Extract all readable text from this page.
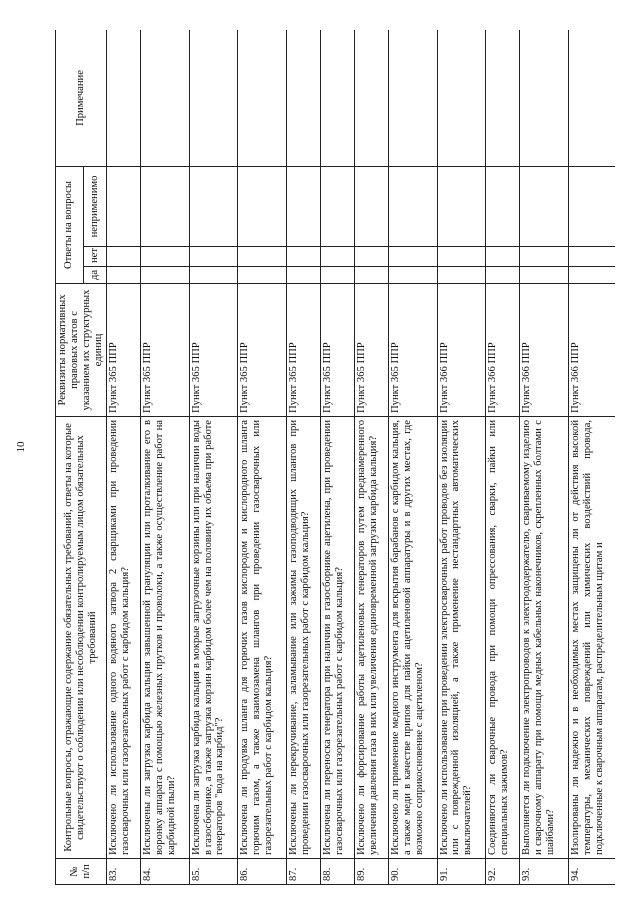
10
№ п/п	Контрольные вопросы, отражающие содержание обязательных требований, ответы на которые свидетельствуют о соблюдении или несоблюдении контролируемым лицом обязательных требований	Реквизиты нормативных правовых актов с указанием их структурных единиц	Ответы на вопросы			Примечание
			да	нет	неприменимо	
83.	Исключено ли использование одного водяного затвора 2 сварщиками при проведении газосварочных или газорезательных работ с карбидом кальция?	Пункт 365 ППР				
84.	Исключены ли загрузка карбида кальция завышенной грануляции или проталкивание его в воронку аппарата с помощью железных прутков и проволоки, а также осуществление работ на карбидной пыли?	Пункт 365 ППР				
85.	Исключена ли загрузка карбида кальция в мокрые загрузочные корзины или при наличии воды в газосборнике, а также загрузка корзин карбидом более чем на половину их объема при работе генераторов "вода на карбид"?	Пункт 365 ППР				
86.	Исключена ли продувка шланга для горючих газов кислородом и кислородного шланга горючим газом, а также взаимозамена шлангов при проведении газосварочных или газорезательных работ с карбидом кальция?	Пункт 365 ППР				
87.	Исключены ли перекручивание, заламывание или зажимы газоподводящих шлангов при проведении газосварочных или газорезательных работ с карбидом кальция?	Пункт 365 ППР				
88.	Исключена ли переноска генератора при наличии в газосборнике ацетилена, при проведении газосварочных или газорезательных работ с карбидом кальция?	Пункт 365 ППР				
89.	Исключено ли форсирование работы ацетиленовых генераторов путем преднамеренного увеличения давления газа в них или увеличения единовременной загрузки карбида кальция?	Пункт 365 ППР				
90.	Исключено ли применение медного инструмента для вскрытия барабанов с карбидом кальция, а также меди в качестве припоя для пайки ацетиленовой аппаратуры и в других местах, где возможно соприкосновение с ацетиленом?	Пункт 365 ППР				
91.	Исключено ли использование при проведении электросварочных работ проводов без изоляции или с поврежденной изоляцией, а также применение нестандартных автоматических выключателей?	Пункт 366 ППР				
92.	Соединяются ли сварочные провода при помощи опрессования, сварки, пайки или специальных зажимов?	Пункт 366 ППР				
93.	Выполняется ли подключение электропроводов к электрододержателю, свариваемому изделию и сварочному аппарату при помощи медных кабельных наконечников, скрепленных болтами с шайбами?	Пункт 366 ППР				
94.	Изолированы ли надежно и в необходимых местах защищены ли от действия высокой температуры, механических повреждений или химических воздействий провода, подключенные к сварочным аппаратам, распределительным щитам и	Пункт 366 ППР				
